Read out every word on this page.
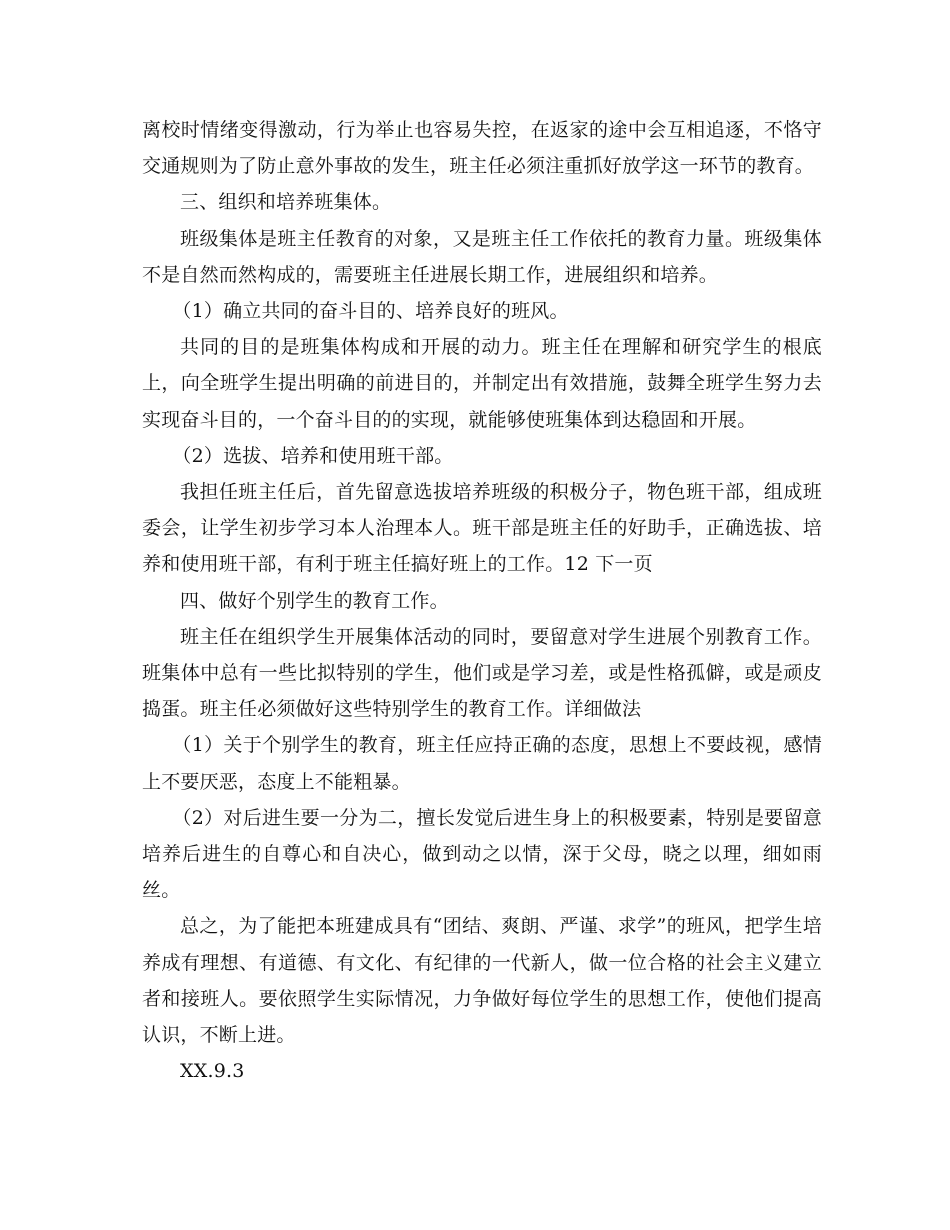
离校时情绪变得激动，行为举止也容易失控，在返家的途中会互相追逐，不恪守交通规则为了防止意外事故的发生，班主任必须注重抓好放学这一环节的教育。

三、组织和培养班集体。

班级集体是班主任教育的对象，又是班主任工作依托的教育力量。班级集体不是自然而然构成的，需要班主任进展长期工作，进展组织和培养。

（1）确立共同的奋斗目的、培养良好的班风。

共同的目的是班集体构成和开展的动力。班主任在理解和研究学生的根底上，向全班学生提出明确的前进目的，并制定出有效措施，鼓舞全班学生努力去实现奋斗目的，一个奋斗目的的实现，就能够使班集体到达稳固和开展。

（2）选拔、培养和使用班干部。

我担任班主任后，首先留意选拔培养班级的积极分子，物色班干部，组成班委会，让学生初步学习本人治理本人。班干部是班主任的好助手，正确选拔、培养和使用班干部，有利于班主任搞好班上的工作。12 下一页

四、做好个别学生的教育工作。

班主任在组织学生开展集体活动的同时，要留意对学生进展个别教育工作。班集体中总有一些比拟特别的学生，他们或是学习差，或是性格孤僻，或是顽皮捣蛋。班主任必须做好这些特别学生的教育工作。详细做法

（1）关于个别学生的教育，班主任应持正确的态度，思想上不要歧视，感情上不要厌恶，态度上不能粗暴。

（2）对后进生要一分为二，擅长发觉后进生身上的积极要素，特别是要留意培养后进生的自尊心和自决心，做到动之以情，深于父母，晓之以理，细如雨丝。

总之，为了能把本班建成具有“团结、爽朗、严谨、求学”的班风，把学生培养成有理想、有道德、有文化、有纪律的一代新人，做一位合格的社会主义建立者和接班人。要依照学生实际情况，力争做好每位学生的思想工作，使他们提高认识，不断上进。

XX.9.3
